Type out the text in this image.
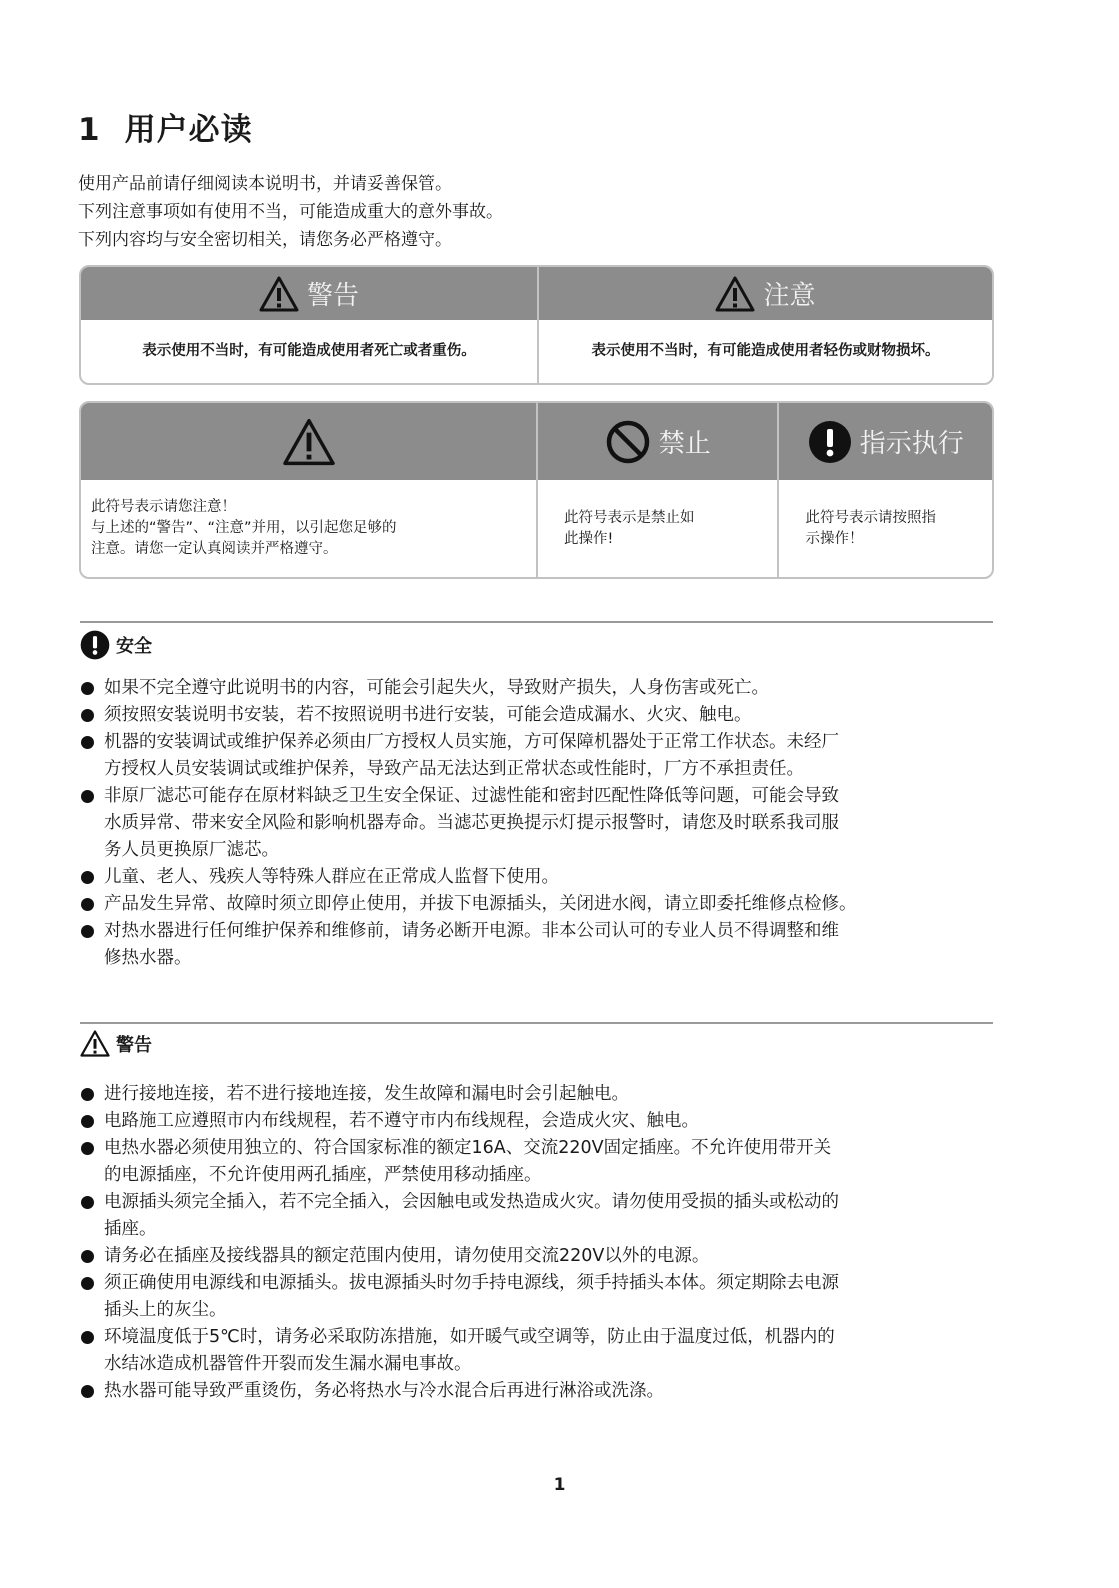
1 用户必读
使用产品前请仔细阅读本说明书，并请妥善保管。
下列注意事项如有使用不当，可能造成重大的意外事故。
下列内容均与安全密切相关，请您务必严格遵守。
警告
表示使用不当时，有可能造成使用者死亡或者重伤。
注意
表示使用不当时，有可能造成使用者轻伤或财物损坏。
此符号表示请您注意！
与上述的“警告”、“注意”并用，以引起您足够的
注意。请您一定认真阅读并严格遵守。
禁止
此符号表示是禁止如
此操作!
指示执行
此符号表示请按照指
示操作！
安全
如果不完全遵守此说明书的内容，可能会引起失火，导致财产损失，人身伤害或死亡。
须按照安装说明书安装，若不按照说明书进行安装，可能会造成漏水、火灾、触电。
机器的安装调试或维护保养必须由厂方授权人员实施，方可保障机器处于正常工作状态。未经厂
方授权人员安装调试或维护保养，导致产品无法达到正常状态或性能时，厂方不承担责任。
非原厂滤芯可能存在原材料缺乏卫生安全保证、过滤性能和密封匹配性降低等问题，可能会导致
水质异常、带来安全风险和影响机器寿命。当滤芯更换提示灯提示报警时，请您及时联系我司服
务人员更换原厂滤芯。
儿童、老人、残疾人等特殊人群应在正常成人监督下使用。
产品发生异常、故障时须立即停止使用，并拔下电源插头，关闭进水阀，请立即委托维修点检修。
对热水器进行任何维护保养和维修前，请务必断开电源。非本公司认可的专业人员不得调整和维
修热水器。
警告
进行接地连接，若不进行接地连接，发生故障和漏电时会引起触电。
电路施工应遵照市内布线规程，若不遵守市内布线规程，会造成火灾、触电。
电热水器必须使用独立的、符合国家标准的额定16A、交流220V固定插座。不允许使用带开关
的电源插座，不允许使用两孔插座，严禁使用移动插座。
电源插头须完全插入，若不完全插入，会因触电或发热造成火灾。请勿使用受损的插头或松动的
插座。
请务必在插座及接线器具的额定范围内使用，请勿使用交流220V以外的电源。
须正确使用电源线和电源插头。拔电源插头时勿手持电源线，须手持插头本体。须定期除去电源
插头上的灰尘。
环境温度低于5℃时，请务必采取防冻措施，如开暖气或空调等，防止由于温度过低，机器内的
水结冰造成机器管件开裂而发生漏水漏电事故。
热水器可能导致严重烫伤，务必将热水与冷水混合后再进行淋浴或洗涤。
1
